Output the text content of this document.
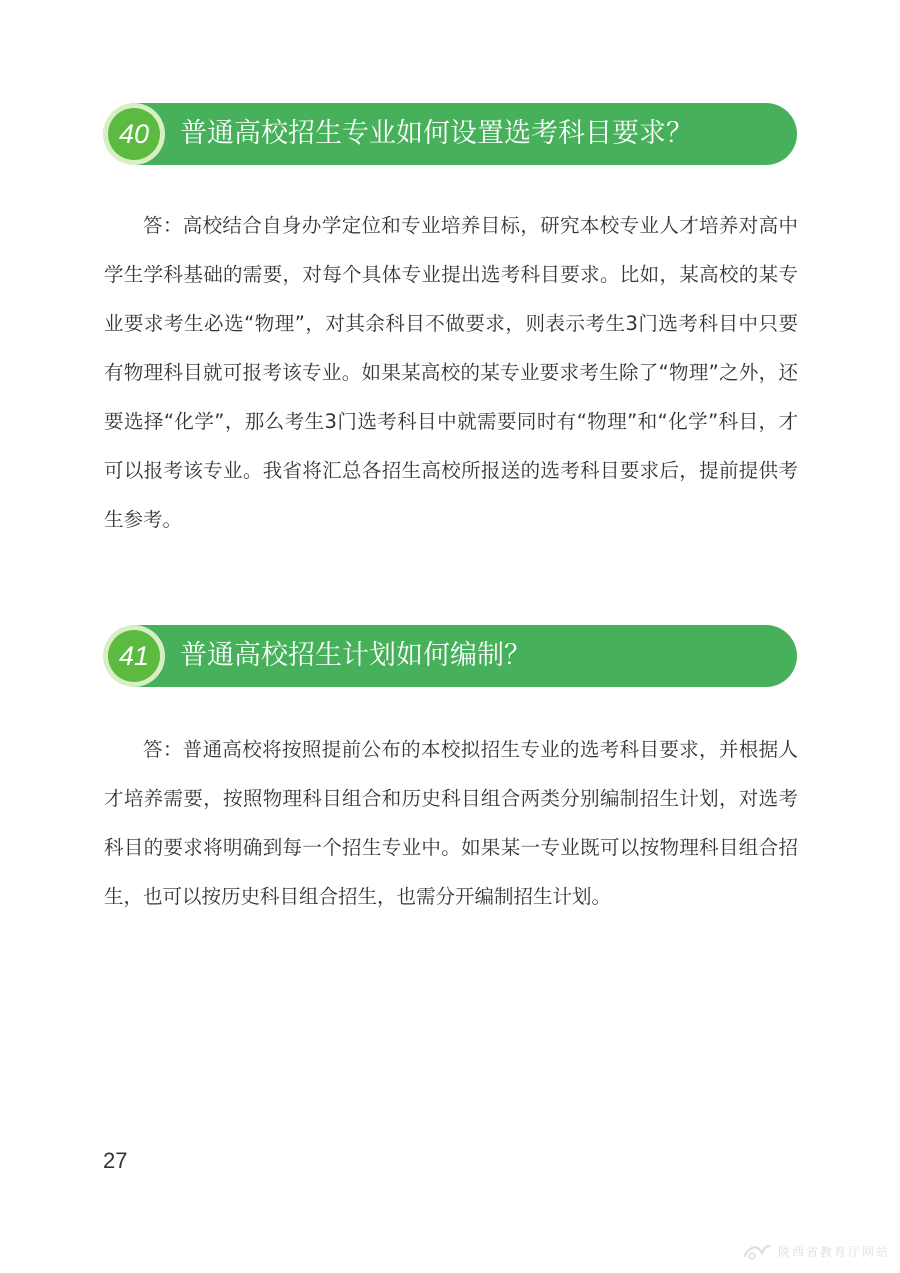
40	普通高校招生专业如何设置选考科目要求？

答：高校结合自身办学定位和专业培养目标，研究本校专业人才培养对高中学生学科基础的需要，对每个具体专业提出选考科目要求。比如，某高校的某专业要求考生必选“物理”，对其余科目不做要求，则表示考生3门选考科目中只要有物理科目就可报考该专业。如果某高校的某专业要求考生除了“物理”之外，还要选择“化学”，那么考生3门选考科目中就需要同时有“物理”和“化学”科目，才可以报考该专业。我省将汇总各招生高校所报送的选考科目要求后，提前提供考生参考。

41	普通高校招生计划如何编制？

答：普通高校将按照提前公布的本校拟招生专业的选考科目要求，并根据人才培养需要，按照物理科目组合和历史科目组合两类分别编制招生计划，对选考科目的要求将明确到每一个招生专业中。如果某一专业既可以按物理科目组合招生，也可以按历史科目组合招生，也需分开编制招生计划。

27
陕西省教育厅网站
